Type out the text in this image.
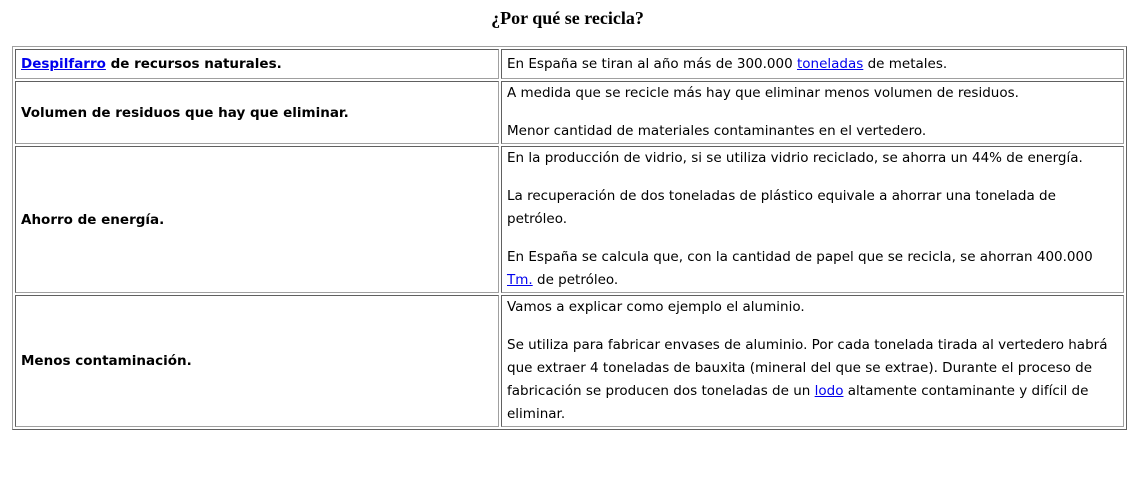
¿Por qué se recicla?
Despilfarro de recursos naturales.	En España se tiran al año más de 300.000 toneladas de metales.

Volumen de residuos que hay que eliminar.	A medida que se recicle más hay que eliminar menos volumen de residuos.

Menor cantidad de materiales contaminantes en el vertedero.

Ahorro de energía.	En la producción de vidrio, si se utiliza vidrio reciclado, se ahorra un 44% de energía.

La recuperación de dos toneladas de plástico equivale a ahorrar una tonelada de petróleo.

En España se calcula que, con la cantidad de papel que se recicla, se ahorran 400.000 Tm. de petróleo.

Menos contaminación.	Vamos a explicar como ejemplo el aluminio.

Se utiliza para fabricar envases de aluminio. Por cada tonelada tirada al vertedero habrá que extraer 4 toneladas de bauxita (mineral del que se extrae). Durante el proceso de fabricación se producen dos toneladas de un lodo altamente contaminante y difícil de eliminar.
